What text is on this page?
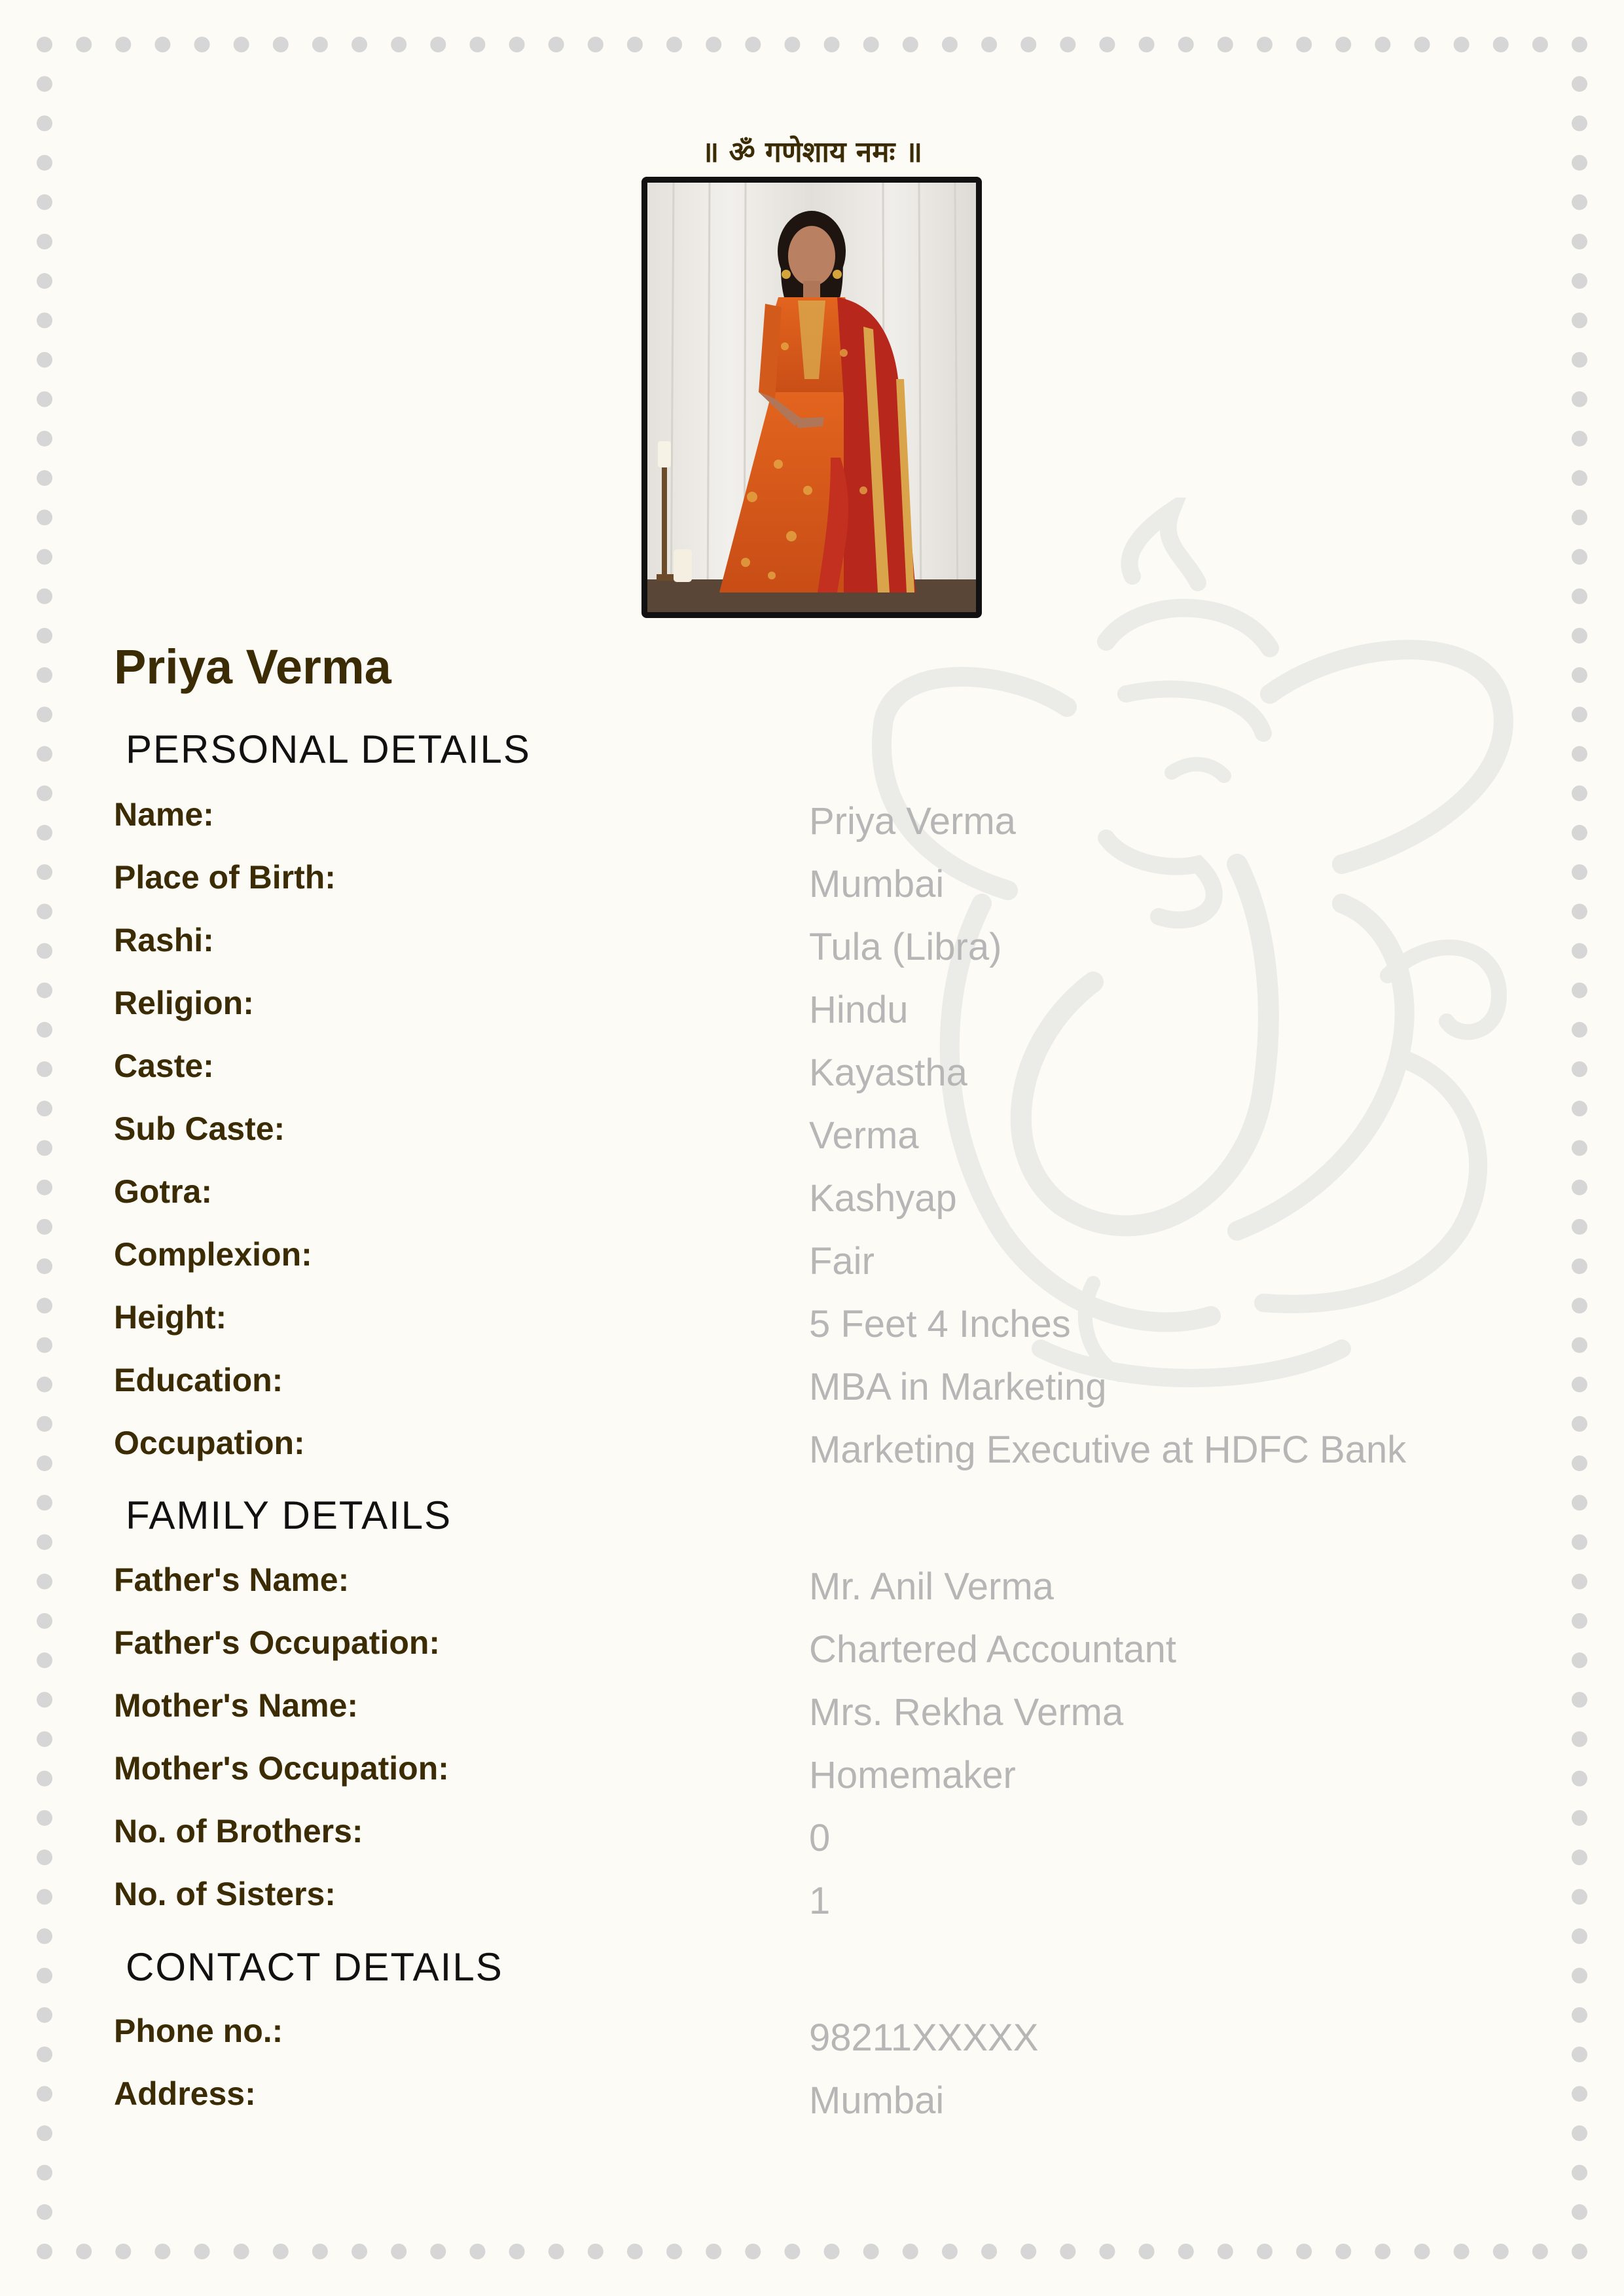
॥ ॐ गणेशाय नमः ॥
Priya Verma
PERSONAL DETAILS
FAMILY DETAILS
CONTACT DETAILS
Name:	Priya Verma
Place of Birth:	Mumbai
Rashi:	Tula (Libra)
Religion:	Hindu
Caste:	Kayastha
Sub Caste:	Verma
Gotra:	Kashyap
Complexion:	Fair
Height:	5 Feet 4 Inches
Education:	MBA in Marketing
Occupation:	Marketing Executive at HDFC Bank
Father's Name:	Mr. Anil Verma
Father's Occupation:	Chartered Accountant
Mother's Name:	Mrs. Rekha Verma
Mother's Occupation:	Homemaker
No. of Brothers:	0
No. of Sisters:	1
Phone no.:	98211XXXXX
Address:	Mumbai
